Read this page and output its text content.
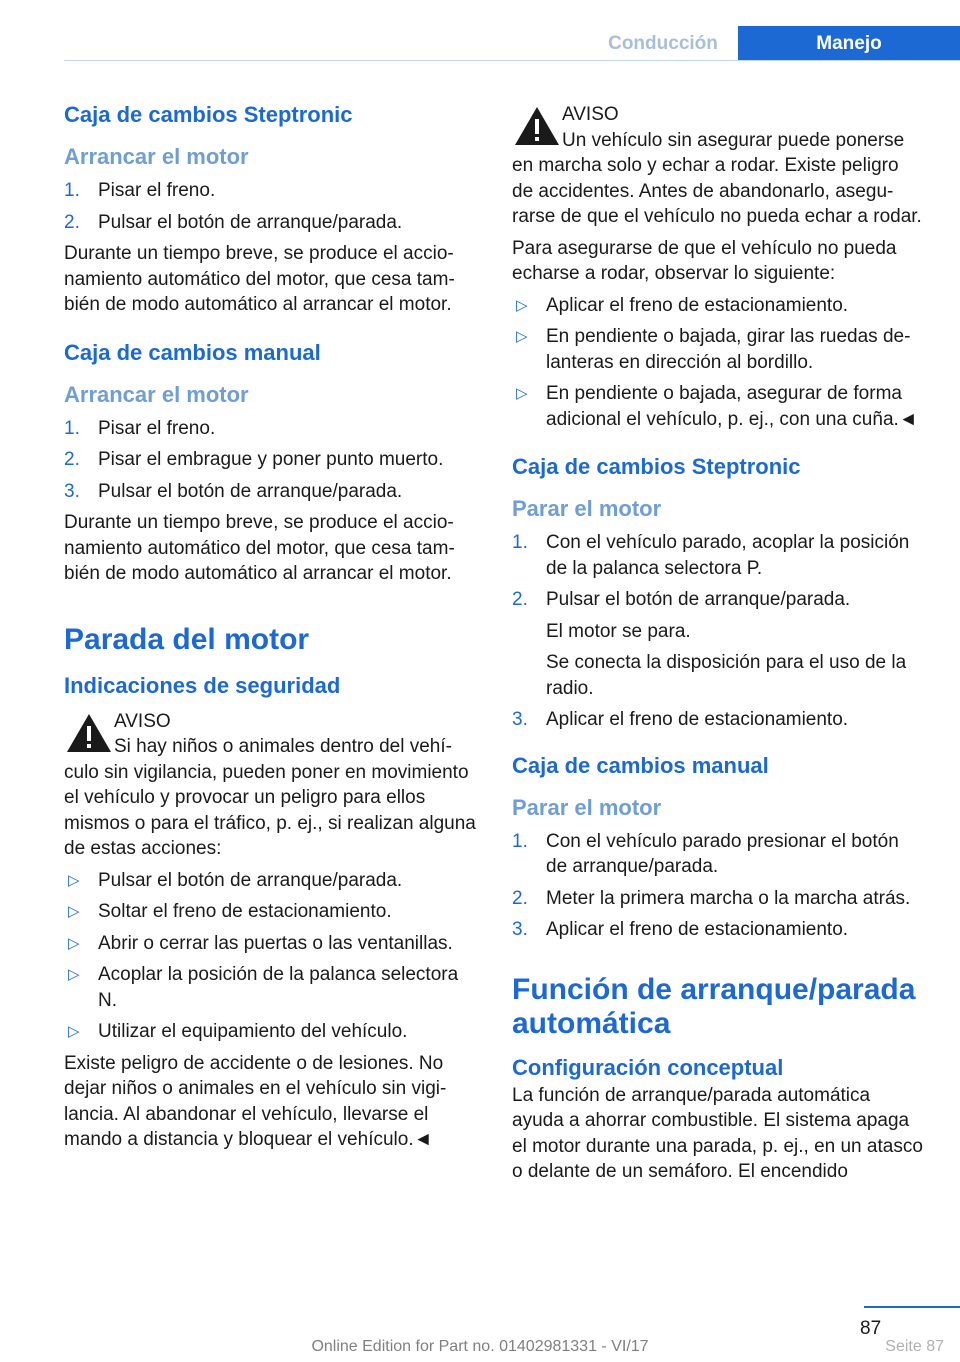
Conducción	Manejo
Caja de cambios Steptronic
Arrancar el motor
1. Pisar el freno.
2. Pulsar el botón de arranque/parada.

Durante un tiempo breve, se produce el accionamiento automático del motor, que cesa también de modo automático al arrancar el motor.

Caja de cambios manual
Arrancar el motor
1. Pisar el freno.
2. Pisar el embrague y poner punto muerto.
3. Pulsar el botón de arranque/parada.

Durante un tiempo breve, se produce el accionamiento automático del motor, que cesa también de modo automático al arrancar el motor.

Parada del motor
Indicaciones de seguridad
AVISO

Si hay niños o animales dentro del vehículo sin vigilancia, pueden poner en movimiento el vehículo y provocar un peligro para ellos mismos o para el tráfico, p. ej., si realizan alguna de estas acciones:

▷ Pulsar el botón de arranque/parada.
▷ Soltar el freno de estacionamiento.
▷ Abrir o cerrar las puertas o las ventanillas.
▷ Acoplar la posición de la palanca selectora N.
▷ Utilizar el equipamiento del vehículo.

Existe peligro de accidente o de lesiones. No dejar niños o animales en el vehículo sin vigilancia. Al abandonar el vehículo, llevarse el mando a distancia y bloquear el vehículo.◄

AVISO

Un vehículo sin asegurar puede ponerse en marcha solo y echar a rodar. Existe peligro de accidentes. Antes de abandonarlo, asegurarse de que el vehículo no pueda echar a rodar.

Para asegurarse de que el vehículo no pueda echarse a rodar, observar lo siguiente:

▷ Aplicar el freno de estacionamiento.
▷ En pendiente o bajada, girar las ruedas delanteras en dirección al bordillo.
▷ En pendiente o bajada, asegurar de forma adicional el vehículo, p. ej., con una cuña.◄
Caja de cambios Steptronic
Parar el motor
1. Con el vehículo parado, acoplar la posición de la palanca selectora P.
2. Pulsar el botón de arranque/parada.
El motor se para.
Se conecta la disposición para el uso de la radio.
3. Aplicar el freno de estacionamiento.
Caja de cambios manual
Parar el motor
1. Con el vehículo parado presionar el botón de arranque/parada.
2. Meter la primera marcha o la marcha atrás.
3. Aplicar el freno de estacionamiento.
Función de arranque/parada automática
Configuración conceptual

La función de arranque/parada automática ayuda a ahorrar combustible. El sistema apaga el motor durante una parada, p. ej., en un atasco o delante de un semáforo. El encendido

87
Online Edition for Part no. 01402981331 - VI/17	Seite 87
